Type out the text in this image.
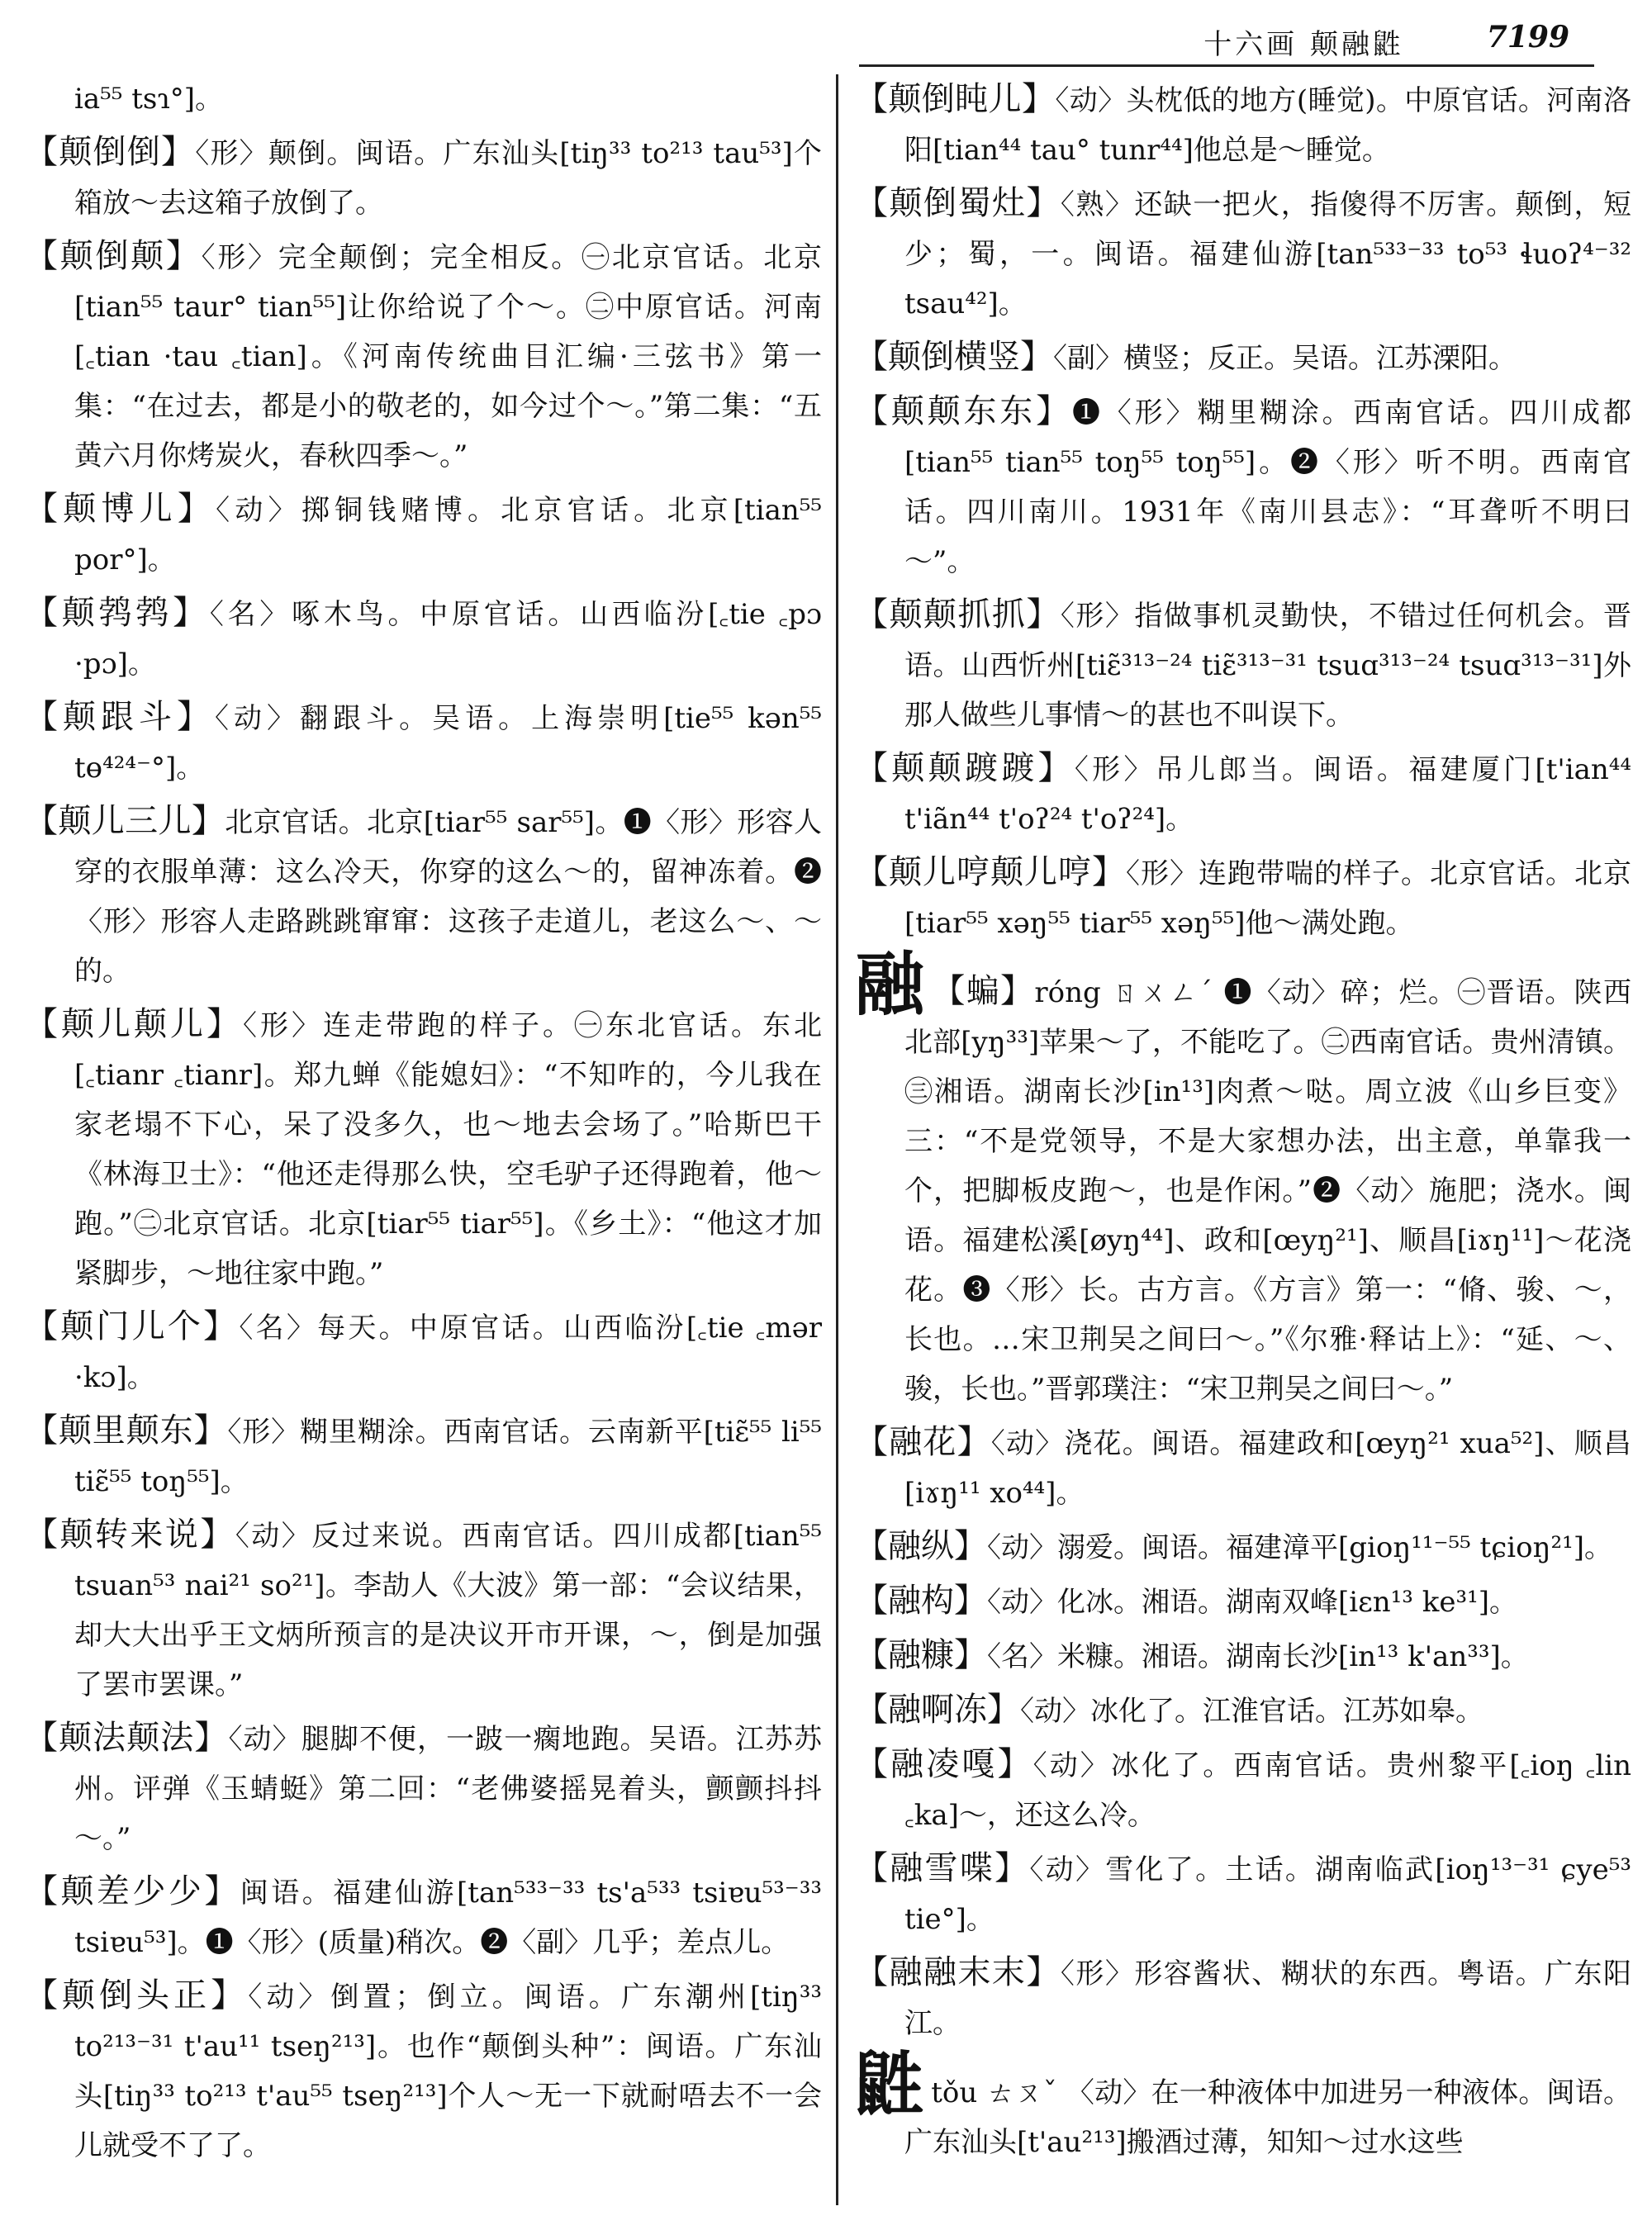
十六画 颠融鼪	7199
ia⁵⁵ tsɿ°]。
【颠倒倒】〈形〉颠倒。闽语。广东汕头[tiŋ³³ to²¹³ tau⁵³]个箱放～去这箱子放倒了。
【颠倒颠】〈形〉完全颠倒；完全相反。㊀北京官话。北京[tian⁵⁵ taur° tian⁵⁵]让你给说了个～。㊁中原官话。河南[꜀tian ·tau ꜀tian]。《河南传统曲目汇编·三弦书》第一集：“在过去，都是小的敬老的，如今过个～。”第二集：“五黄六月你烤炭火，春秋四季～。”
【颠博儿】〈动〉掷铜钱赌博。北京官话。北京[tian⁵⁵ por°]。
【颠鹁鹁】〈名〉啄木鸟。中原官话。山西临汾[꜀tie ꜀pɔ ·pɔ]。
【颠跟斗】〈动〉翻跟斗。吴语。上海崇明[tie⁵⁵ kən⁵⁵ tɵ⁴²⁴⁻°]。
【颠儿三儿】北京官话。北京[tiar⁵⁵ sar⁵⁵]。❶〈形〉形容人穿的衣服单薄：这么冷天，你穿的这么～的，留神冻着。❷〈形〉形容人走路跳跳窜窜：这孩子走道儿，老这么～、～的。
【颠儿颠儿】〈形〉连走带跑的样子。㊀东北官话。东北[꜀tianr ꜀tianr]。郑九蝉《能媳妇》：“不知咋的，今儿我在家老塌不下心，呆了没多久，也～地去会场了。”哈斯巴干《林海卫士》：“他还走得那么快，空毛驴子还得跑着，他～跑。”㊁北京官话。北京[tiar⁵⁵ tiar⁵⁵]。《乡土》：“他这才加紧脚步，～地往家中跑。”
【颠门儿个】〈名〉每天。中原官话。山西临汾[꜀tie ꜀mər ·kɔ]。
【颠里颠东】〈形〉糊里糊涂。西南官话。云南新平[tiɛ̃⁵⁵ li⁵⁵ tiɛ̃⁵⁵ toŋ⁵⁵]。
【颠转来说】〈动〉反过来说。西南官话。四川成都[tian⁵⁵ tsuan⁵³ nai²¹ so²¹]。李劼人《大波》第一部：“会议结果，却大大出乎王文炳所预言的是决议开市开课，～，倒是加强了罢市罢课。”
【颠法颠法】〈动〉腿脚不便，一跛一瘸地跑。吴语。江苏苏州。评弹《玉蜻蜓》第二回：“老佛婆摇晃着头，颤颤抖抖～。”
【颠差少少】闽语。福建仙游[tan⁵³³⁻³³ ts'a⁵³³ tsiɐu⁵³⁻³³ tsiɐu⁵³]。❶〈形〉(质量)稍次。❷〈副〉几乎；差点儿。
【颠倒头正】〈动〉倒置；倒立。闽语。广东潮州[tiŋ³³ to²¹³⁻³¹ t'au¹¹ tseŋ²¹³]。也作“颠倒头种”：闽语。广东汕头[tiŋ³³ to²¹³ t'au⁵⁵ tseŋ²¹³]个人～无一下就耐唔去不一会儿就受不了了。
【颠倒盹儿】〈动〉头枕低的地方(睡觉)。中原官话。河南洛阳[tian⁴⁴ tau° tunr⁴⁴]他总是～睡觉。
【颠倒蜀灶】〈熟〉还缺一把火，指傻得不厉害。颠倒，短少；蜀，一。闽语。福建仙游[tan⁵³³⁻³³ to⁵³ ɬuoʔ⁴⁻³² tsau⁴²]。
【颠倒横竖】〈副〉横竖；反正。吴语。江苏溧阳。
【颠颠东东】❶〈形〉糊里糊涂。西南官话。四川成都[tian⁵⁵ tian⁵⁵ toŋ⁵⁵ toŋ⁵⁵]。❷〈形〉听不明。西南官话。四川南川。1931年《南川县志》：“耳聋听不明曰～”。
【颠颠抓抓】〈形〉指做事机灵勤快，不错过任何机会。晋语。山西忻州[tiɛ̃³¹³⁻²⁴ tiɛ̃³¹³⁻³¹ tsuɑ³¹³⁻²⁴ tsuɑ³¹³⁻³¹]外那人做些儿事情～的甚也不叫误下。
【颠颠踱踱】〈形〉吊儿郎当。闽语。福建厦门[t'ian⁴⁴ t'iãn⁴⁴ t'oʔ²⁴ t'oʔ²⁴]。
【颠儿哼颠儿哼】〈形〉连跑带喘的样子。北京官话。北京[tiar⁵⁵ xəŋ⁵⁵ tiar⁵⁵ xəŋ⁵⁵]他～满处跑。
融 【蝙】róng ㄖㄨㄥˊ ❶〈动〉碎；烂。㊀晋语。陕西北部[yŋ³³]苹果～了，不能吃了。㊁西南官话。贵州清镇。㊂湘语。湖南长沙[in¹³]肉煮～哒。周立波《山乡巨变》三：“不是党领导，不是大家想办法，出主意，单靠我一个，把脚板皮跑～，也是作闲。”❷〈动〉施肥；浇水。闽语。福建松溪[øyŋ⁴⁴]、政和[œyŋ²¹]、顺昌[iɤŋ¹¹]～花浇花。❸〈形〉长。古方言。《方言》第一：“脩、骏、～，长也。…宋卫荆吴之间曰～。”《尔雅·释诂上》：“延、～、骏，长也。”晋郭璞注：“宋卫荆吴之间曰～。”
【融花】〈动〉浇花。闽语。福建政和[œyŋ²¹ xua⁵²]、顺昌[iɤŋ¹¹ xo⁴⁴]。
【融纵】〈动〉溺爱。闽语。福建漳平[gioŋ¹¹⁻⁵⁵ tɕioŋ²¹]。
【融构】〈动〉化冰。湘语。湖南双峰[iɛn¹³ ke³¹]。
【融糠】〈名〉米糠。湘语。湖南长沙[in¹³ k'an³³]。
【融啊冻】〈动〉冰化了。江淮官话。江苏如皋。
【融凌嘎】〈动〉冰化了。西南官话。贵州黎平[꜀ioŋ ꜀lin ꜀ka]～，还这么冷。
【融雪喋】〈动〉雪化了。土话。湖南临武[ioŋ¹³⁻³¹ ɕye⁵³ tie°]。
【融融末末】〈形〉形容酱状、糊状的东西。粤语。广东阳江。
鼪tǒu ㄊㄡˇ 〈动〉在一种液体中加进另一种液体。闽语。广东汕头[t'au²¹³]搬酒过薄，知知～过水这些
